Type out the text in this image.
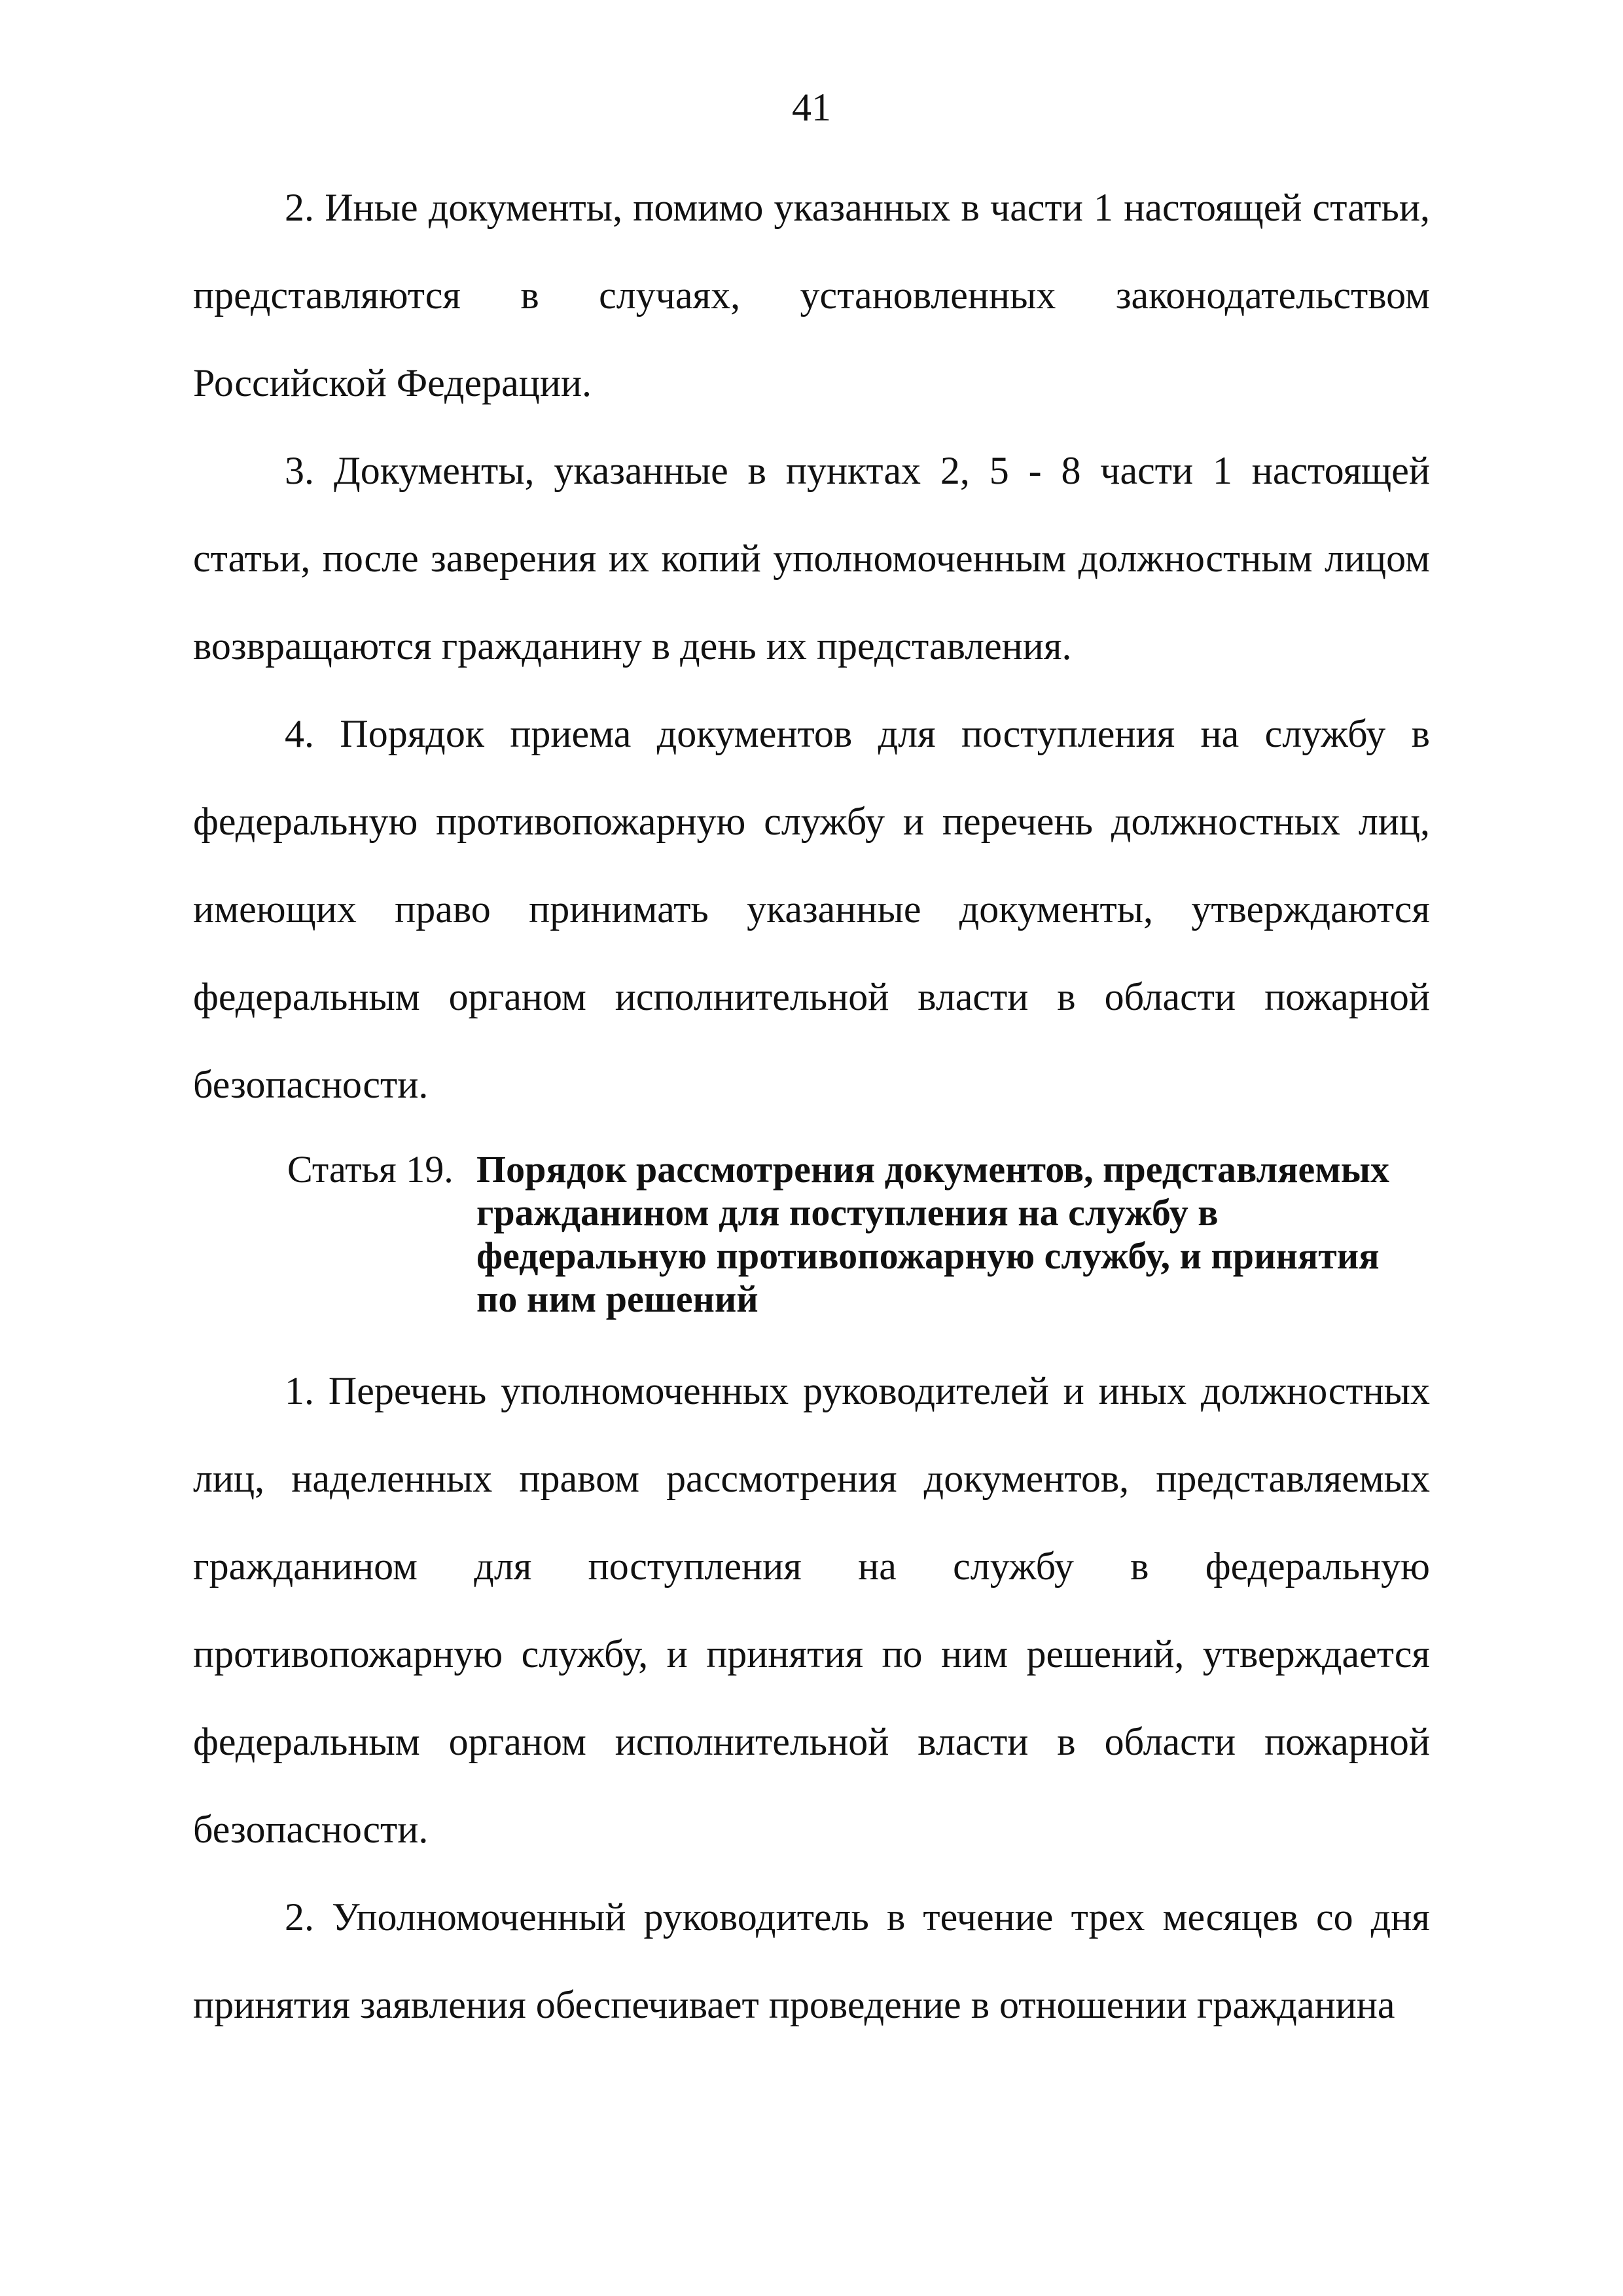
41

2. Иные документы, помимо указанных в части 1 настоящей статьи, представляются в случаях, установленных законодательством Российской Федерации.

3. Документы, указанные в пунктах 2, 5 - 8 части 1 настоящей статьи, после заверения их копий уполномоченным должностным лицом возвращаются гражданину в день их представления.

4. Порядок приема документов для поступления на службу в федеральную противопожарную службу и перечень должностных лиц, имеющих право принимать указанные документы, утверждаются федеральным органом исполнительной власти в области пожарной безопасности.

Статья 19. Порядок рассмотрения документов, представляемых гражданином для поступления на службу в федеральную противопожарную службу, и принятия по ним решений

1. Перечень уполномоченных руководителей и иных должностных лиц, наделенных правом рассмотрения документов, представляемых гражданином для поступления на службу в федеральную противопожарную службу, и принятия по ним решений, утверждается федеральным органом исполнительной власти в области пожарной безопасности.

2. Уполномоченный руководитель в течение трех месяцев со дня принятия заявления обеспечивает проведение в отношении гражданина
